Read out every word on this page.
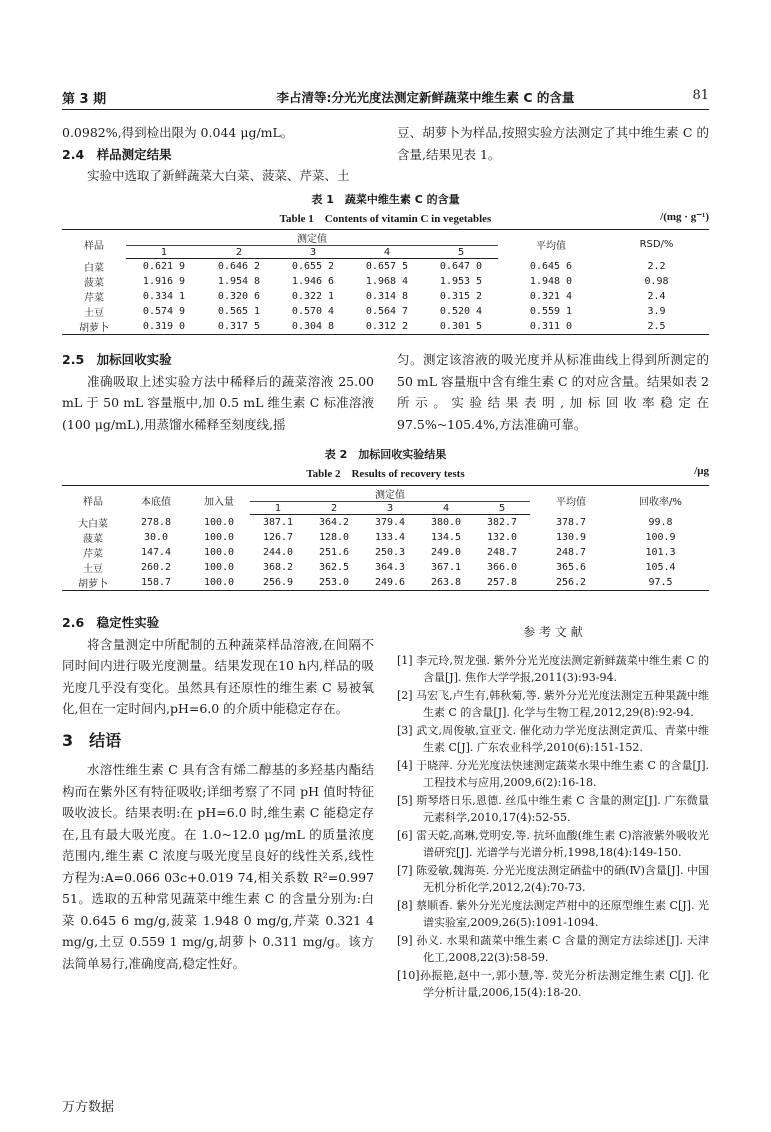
第 3 期	李占清等:分光光度法测定新鲜蔬菜中维生素 C 的含量	81

0.0982%,得到检出限为 0.044 μg/mL。

2.4　样品测定结果

实验中选取了新鲜蔬菜大白菜、菠菜、芹菜、土

豆、胡萝卜为样品,按照实验方法测定了其中维生素 C 的含量,结果见表 1。

表 1　蔬菜中维生素 C 的含量
Table 1　Contents of vitamin C in vegetables	/(mg · g⁻¹)
样品	测定值					平均值	RSD/%
	1	2	3	4	5		
白菜	0.621 9	0.646 2	0.655 2	0.657 5	0.647 0	0.645 6	2.2
菠菜	1.916 9	1.954 8	1.946 6	1.968 4	1.953 5	1.948 0	0.98
芹菜	0.334 1	0.320 6	0.322 1	0.314 8	0.315 2	0.321 4	2.4
土豆	0.574 9	0.565 1	0.570 4	0.564 7	0.520 4	0.559 1	3.9
胡萝卜	0.319 0	0.317 5	0.304 8	0.312 2	0.301 5	0.311 0	2.5
2.5　加标回收实验

准确吸取上述实验方法中稀释后的蔬菜溶液 25.00 mL 于 50 mL 容量瓶中,加 0.5 mL 维生素 C 标准溶液(100 μg/mL),用蒸馏水稀释至刻度线,摇

匀。测定该溶液的吸光度并从标准曲线上得到所测定的 50 mL 容量瓶中含有维生素 C 的对应含量。结果如表 2 所示。实验结果表明,加标回收率稳定在 97.5%~105.4%,方法准确可靠。

表 2　加标回收实验结果
Table 2　Results of recovery tests	/μg
样品	本底值	加入量	测定值					平均值	回收率/%
			1	2	3	4	5		
大白菜	278.8	100.0	387.1	364.2	379.4	380.0	382.7	378.7	99.8
菠菜	30.0	100.0	126.7	128.0	133.4	134.5	132.0	130.9	100.9
芹菜	147.4	100.0	244.0	251.6	250.3	249.0	248.7	248.7	101.3
土豆	260.2	100.0	368.2	362.5	364.3	367.1	366.0	365.6	105.4
胡萝卜	158.7	100.0	256.9	253.0	249.6	263.8	257.8	256.2	97.5
2.6　稳定性实验

将含量测定中所配制的五种蔬菜样品溶液,在间隔不同时间内进行吸光度测量。结果发现在10 h内,样品的吸光度几乎没有变化。虽然具有还原性的维生素 C 易被氧化,但在一定时间内,pH=6.0 的介质中能稳定存在。

3　结语

水溶性维生素 C 具有含有烯二醇基的多羟基内酯结构而在紫外区有特征吸收;详细考察了不同 pH 值时特征吸收波长。结果表明:在 pH=6.0 时,维生素 C 能稳定存在,且有最大吸光度。在 1.0~12.0 μg/mL 的质量浓度范围内,维生素 C 浓度与吸光度呈良好的线性关系,线性方程为:A=0.066 03c+0.019 74,相关系数 R²=0.997 51。选取的五种常见蔬菜中维生素 C 的含量分别为:白菜 0.645 6 mg/g,菠菜 1.948 0 mg/g,芹菜 0.321 4 mg/g,土豆 0.559 1 mg/g,胡萝卜 0.311 mg/g。该方法简单易行,准确度高,稳定性好。

参 考 文 献
[1] 李元玲,贺龙强. 紫外分光光度法测定新鲜蔬菜中维生素 C 的含量[J]. 焦作大学学报,2011(3):93-94.
[2] 马宏飞,卢生有,韩秋菊,等. 紫外分光光度法测定五种果蔬中维生素 C 的含量[J]. 化学与生物工程,2012,29(8):92-94.
[3] 武文,周俊敏,宣亚文. 催化动力学光度法测定黄瓜、青菜中维生素 C[J]. 广东农业科学,2010(6):151-152.
[4] 于晓萍. 分光光度法快速测定蔬菜水果中维生素 C 的含量[J]. 工程技术与应用,2009,6(2):16-18.
[5] 斯琴塔日乐,恩德. 丝瓜中维生素 C 含量的测定[J]. 广东微量元素科学,2010,17(4):52-55.
[6] 雷天乾,高琳,党明安,等. 抗坏血酸(维生素 C)溶液紫外吸收光谱研究[J]. 光谱学与光谱分析,1998,18(4):149-150.
[7] 陈爱敏,魏海英. 分光光度法测定硒盐中的硒(Ⅳ)含量[J]. 中国无机分析化学,2012,2(4):70-73.
[8] 蔡顺香. 紫外分光光度法测定芦柑中的还原型维生素 C[J]. 光谱实验室,2009,26(5):1091-1094.
[9] 孙义. 水果和蔬菜中维生素 C 含量的测定方法综述[J]. 天津化工,2008,22(3):58-59.
[10]孙振艳,赵中一,郭小慧,等. 荧光分析法测定维生素 C[J]. 化学分析计量,2006,15(4):18-20.
万方数据
